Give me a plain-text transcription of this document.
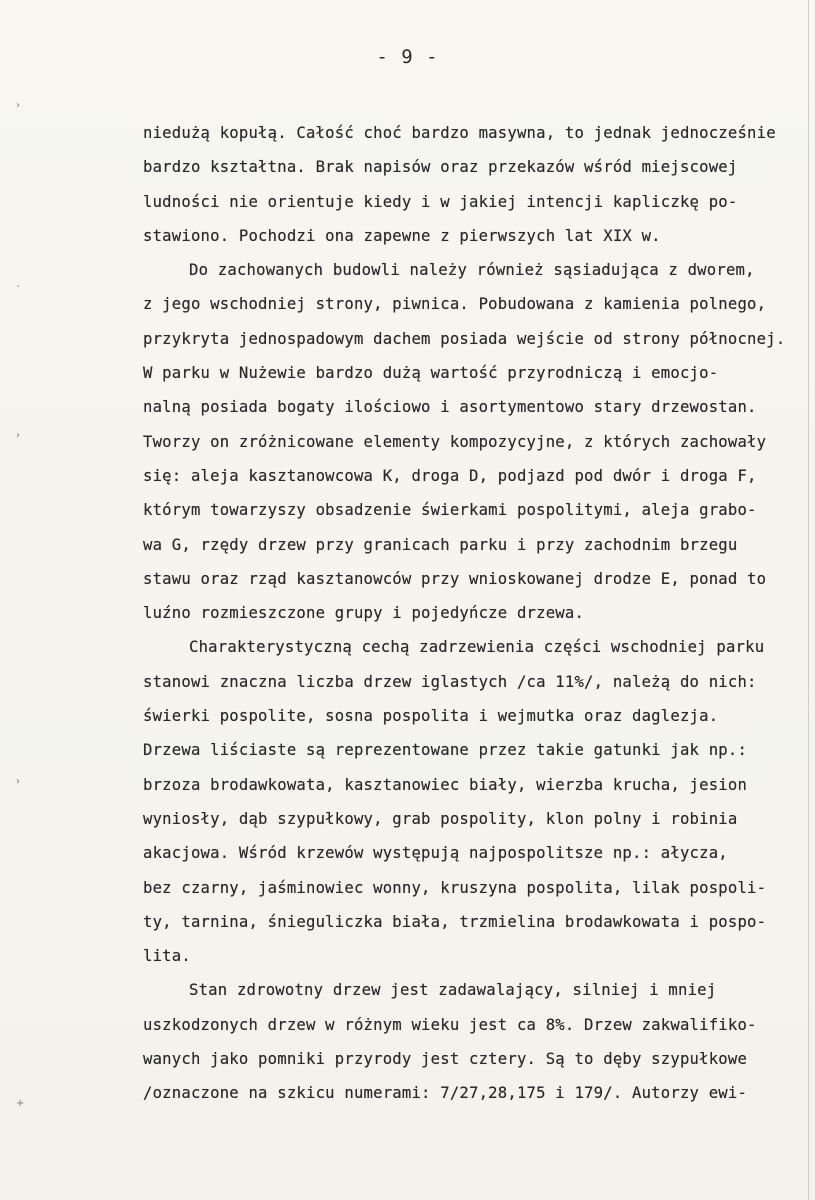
›
ˋ
›
›
+
- 9 -
niedużą kopułą. Całość choć bardzo masywna, to jednak jednocześnie
bardzo kształtna. Brak napisów oraz przekazów wśród miejscowej
ludności nie orientuje kiedy i w jakiej intencji kapliczkę po-
stawiono. Pochodzi ona zapewne z pierwszych lat XIX w.
Do zachowanych budowli należy również sąsiadująca z dworem,
z jego wschodniej strony, piwnica. Pobudowana z kamienia polnego,
przykryta jednospadowym dachem posiada wejście od strony północnej.
W parku w Nużewie bardzo dużą wartość przyrodniczą i emocjo-
nalną posiada bogaty ilościowo i asortymentowo stary drzewostan.
Tworzy on zróżnicowane elementy kompozycyjne, z których zachowały
się: aleja kasztanowcowa K, droga D, podjazd pod dwór i droga F,
którym towarzyszy obsadzenie świerkami pospolitymi, aleja grabo-
wa G, rzędy drzew przy granicach parku i przy zachodnim brzegu
stawu oraz rząd kasztanowców przy wnioskowanej drodze E, ponad to
luźno rozmieszczone grupy i pojedyńcze drzewa.
Charakterystyczną cechą zadrzewienia części wschodniej parku
stanowi znaczna liczba drzew iglastych /ca 11%/, należą do nich:
świerki pospolite, sosna pospolita i wejmutka oraz daglezja.
Drzewa liściaste są reprezentowane przez takie gatunki jak np.:
brzoza brodawkowata, kasztanowiec biały, wierzba krucha, jesion
wyniosły, dąb szypułkowy, grab pospolity, klon polny i robinia
akacjowa. Wśród krzewów występują najpospolitsze np.: ałycza,
bez czarny, jaśminowiec wonny, kruszyna pospolita, lilak pospoli-
ty, tarnina, śnieguliczka biała, trzmielina brodawkowata i pospo-
lita.
Stan zdrowotny drzew jest zadawalający, silniej i mniej
uszkodzonych drzew w różnym wieku jest ca 8%. Drzew zakwalifiko-
wanych jako pomniki przyrody jest cztery. Są to dęby szypułkowe
/oznaczone na szkicu numerami: 7/27,28,175 i 179/. Autorzy ewi-
